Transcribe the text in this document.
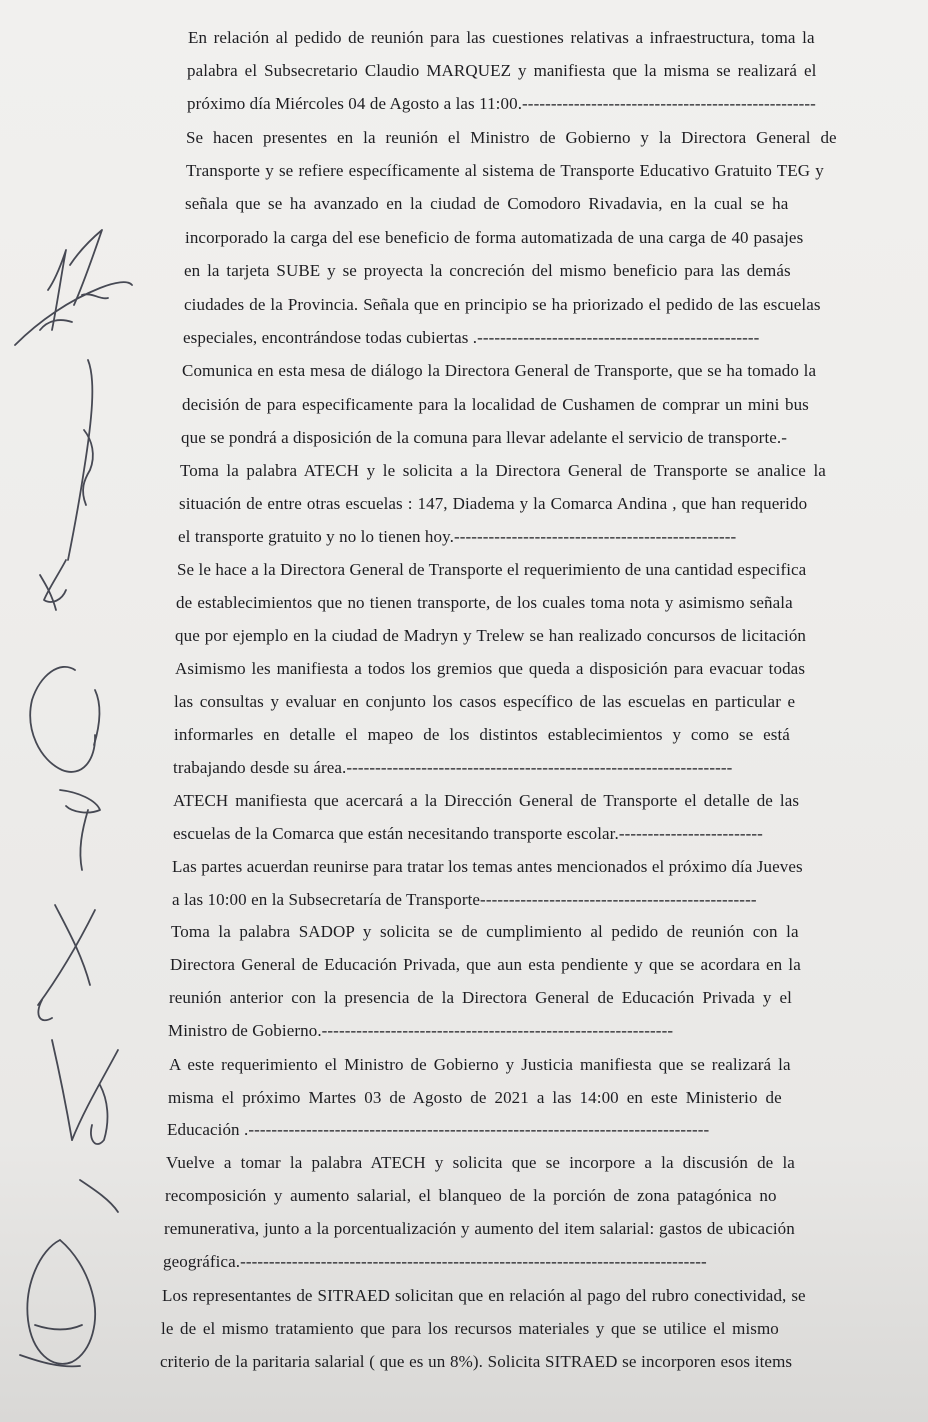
En relación al pedido de reunión para las cuestiones relativas a infraestructura, toma la
palabra el Subsecretario Claudio MARQUEZ y manifiesta que la misma se realizará el
próximo día Miércoles 04 de Agosto a las 11:00.---------------------------------------------------
Se hacen presentes en la reunión el Ministro de Gobierno y la Directora General de
Transporte y se refiere específicamente al sistema de Transporte Educativo Gratuito TEG y
señala que se ha avanzado en la ciudad de Comodoro Rivadavia, en la cual se ha
incorporado la carga del ese beneficio de forma automatizada de una carga de 40 pasajes
en la tarjeta SUBE y se proyecta la concreción del mismo beneficio para las demás
ciudades de la Provincia. Señala que en principio se ha priorizado el pedido de las escuelas
especiales, encontrándose todas cubiertas .-------------------------------------------------
Comunica en esta mesa de diálogo la Directora General de Transporte, que se ha tomado la
decisión de para especificamente para la localidad de Cushamen de comprar un mini bus
que se pondrá a disposición de la comuna para llevar adelante el servicio de transporte.-
Toma la palabra ATECH y le solicita a la Directora General de Transporte se analice la
situación de entre otras escuelas : 147, Diadema y la Comarca Andina , que han requerido
el transporte gratuito y no lo tienen hoy.-------------------------------------------------
Se le hace a la Directora General de Transporte el requerimiento de una cantidad especifica
de establecimientos que no tienen transporte, de los cuales toma nota y asimismo señala
que por ejemplo en la ciudad de Madryn y Trelew se han realizado concursos de licitación
Asimismo les manifiesta a todos los gremios que queda a disposición para evacuar todas
las consultas y evaluar en conjunto los casos específico de las escuelas en particular e
informarles en detalle el mapeo de los distintos establecimientos y como se está
trabajando desde su área.-------------------------------------------------------------------
ATECH manifiesta que acercará a la Dirección General de Transporte el detalle de las
escuelas de la Comarca que están necesitando transporte escolar.-------------------------
Las partes acuerdan reunirse para tratar los temas antes mencionados el próximo día Jueves
a las 10:00 en la Subsecretaría de Transporte------------------------------------------------
Toma la palabra SADOP y solicita se de cumplimiento al pedido de reunión con la
Directora General de Educación Privada, que aun esta pendiente y que se acordara en la
reunión anterior con la presencia de la Directora General de Educación Privada y el
Ministro de Gobierno.-------------------------------------------------------------
A este requerimiento el Ministro de Gobierno y Justicia manifiesta que se realizará la
misma el próximo Martes 03 de Agosto de 2021 a las 14:00 en este Ministerio de
Educación .--------------------------------------------------------------------------------
Vuelve a tomar la palabra ATECH y solicita que se incorpore a la discusión de la
recomposición y aumento salarial, el blanqueo de la porción de zona patagónica no
remunerativa, junto a la porcentualización y aumento del item salarial: gastos de ubicación
geográfica.---------------------------------------------------------------------------------
Los representantes de SITRAED solicitan que en relación al pago del rubro conectividad, se
le de el mismo tratamiento que para los recursos materiales y que se utilice el mismo
criterio de la paritaria salarial ( que es un 8%). Solicita SITRAED se incorporen esos items
